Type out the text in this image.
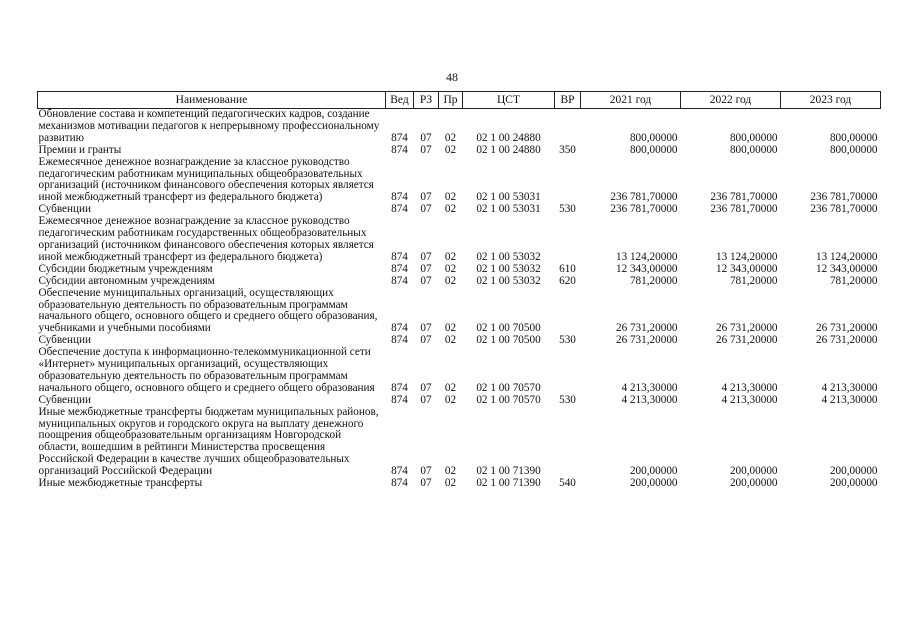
48
Наименование	Вед	РЗ	Пр	ЦСТ	ВР	2021 год	2022 год	2023 год
Обновление состава и компетенций педагогических кадров, создание механизмов мотивации педагогов к непрерывному профессиональному развитию	874	07	02	02 1 00 24880		800,00000	800,00000	800,00000
Премии и гранты	874	07	02	02 1 00 24880	350	800,00000	800,00000	800,00000
Ежемесячное денежное вознаграждение за классное руководство педагогическим работникам муниципальных общеобразовательных организаций (источником финансового обеспечения которых является иной межбюджетный трансферт из федерального бюджета)	874	07	02	02 1 00 53031		236 781,70000	236 781,70000	236 781,70000
Субвенции	874	07	02	02 1 00 53031	530	236 781,70000	236 781,70000	236 781,70000
Ежемесячное денежное вознаграждение за классное руководство педагогическим работникам государственных общеобразовательных организаций (источником финансового обеспечения которых является иной межбюджетный трансферт из федерального бюджета)	874	07	02	02 1 00 53032		13 124,20000	13 124,20000	13 124,20000
Субсидии бюджетным учреждениям	874	07	02	02 1 00 53032	610	12 343,00000	12 343,00000	12 343,00000
Субсидии автономным учреждениям	874	07	02	02 1 00 53032	620	781,20000	781,20000	781,20000
Обеспечение муниципальных организаций, осуществляющих образовательную деятельность по образовательным программам начального общего, основного общего и среднего общего образования, учебниками и учебными пособиями	874	07	02	02 1 00 70500		26 731,20000	26 731,20000	26 731,20000
Субвенции	874	07	02	02 1 00 70500	530	26 731,20000	26 731,20000	26 731,20000
Обеспечение доступа к информационно-телекоммуникационной сети «Интернет» муниципальных организаций, осуществляющих образовательную деятельность по образовательным программам начального общего, основного общего и среднего общего образования	874	07	02	02 1 00 70570		4 213,30000	4 213,30000	4 213,30000
Субвенции	874	07	02	02 1 00 70570	530	4 213,30000	4 213,30000	4 213,30000
Иные межбюджетные трансферты бюджетам муниципальных районов, муниципальных округов и городского округа на выплату денежного поощрения общеобразовательным организациям Новгородской области, вошедшим в рейтинги Министерства просвещения Российской Федерации в качестве лучших общеобразовательных организаций Российской Федерации	874	07	02	02 1 00 71390		200,00000	200,00000	200,00000
Иные межбюджетные трансферты	874	07	02	02 1 00 71390	540	200,00000	200,00000	200,00000
